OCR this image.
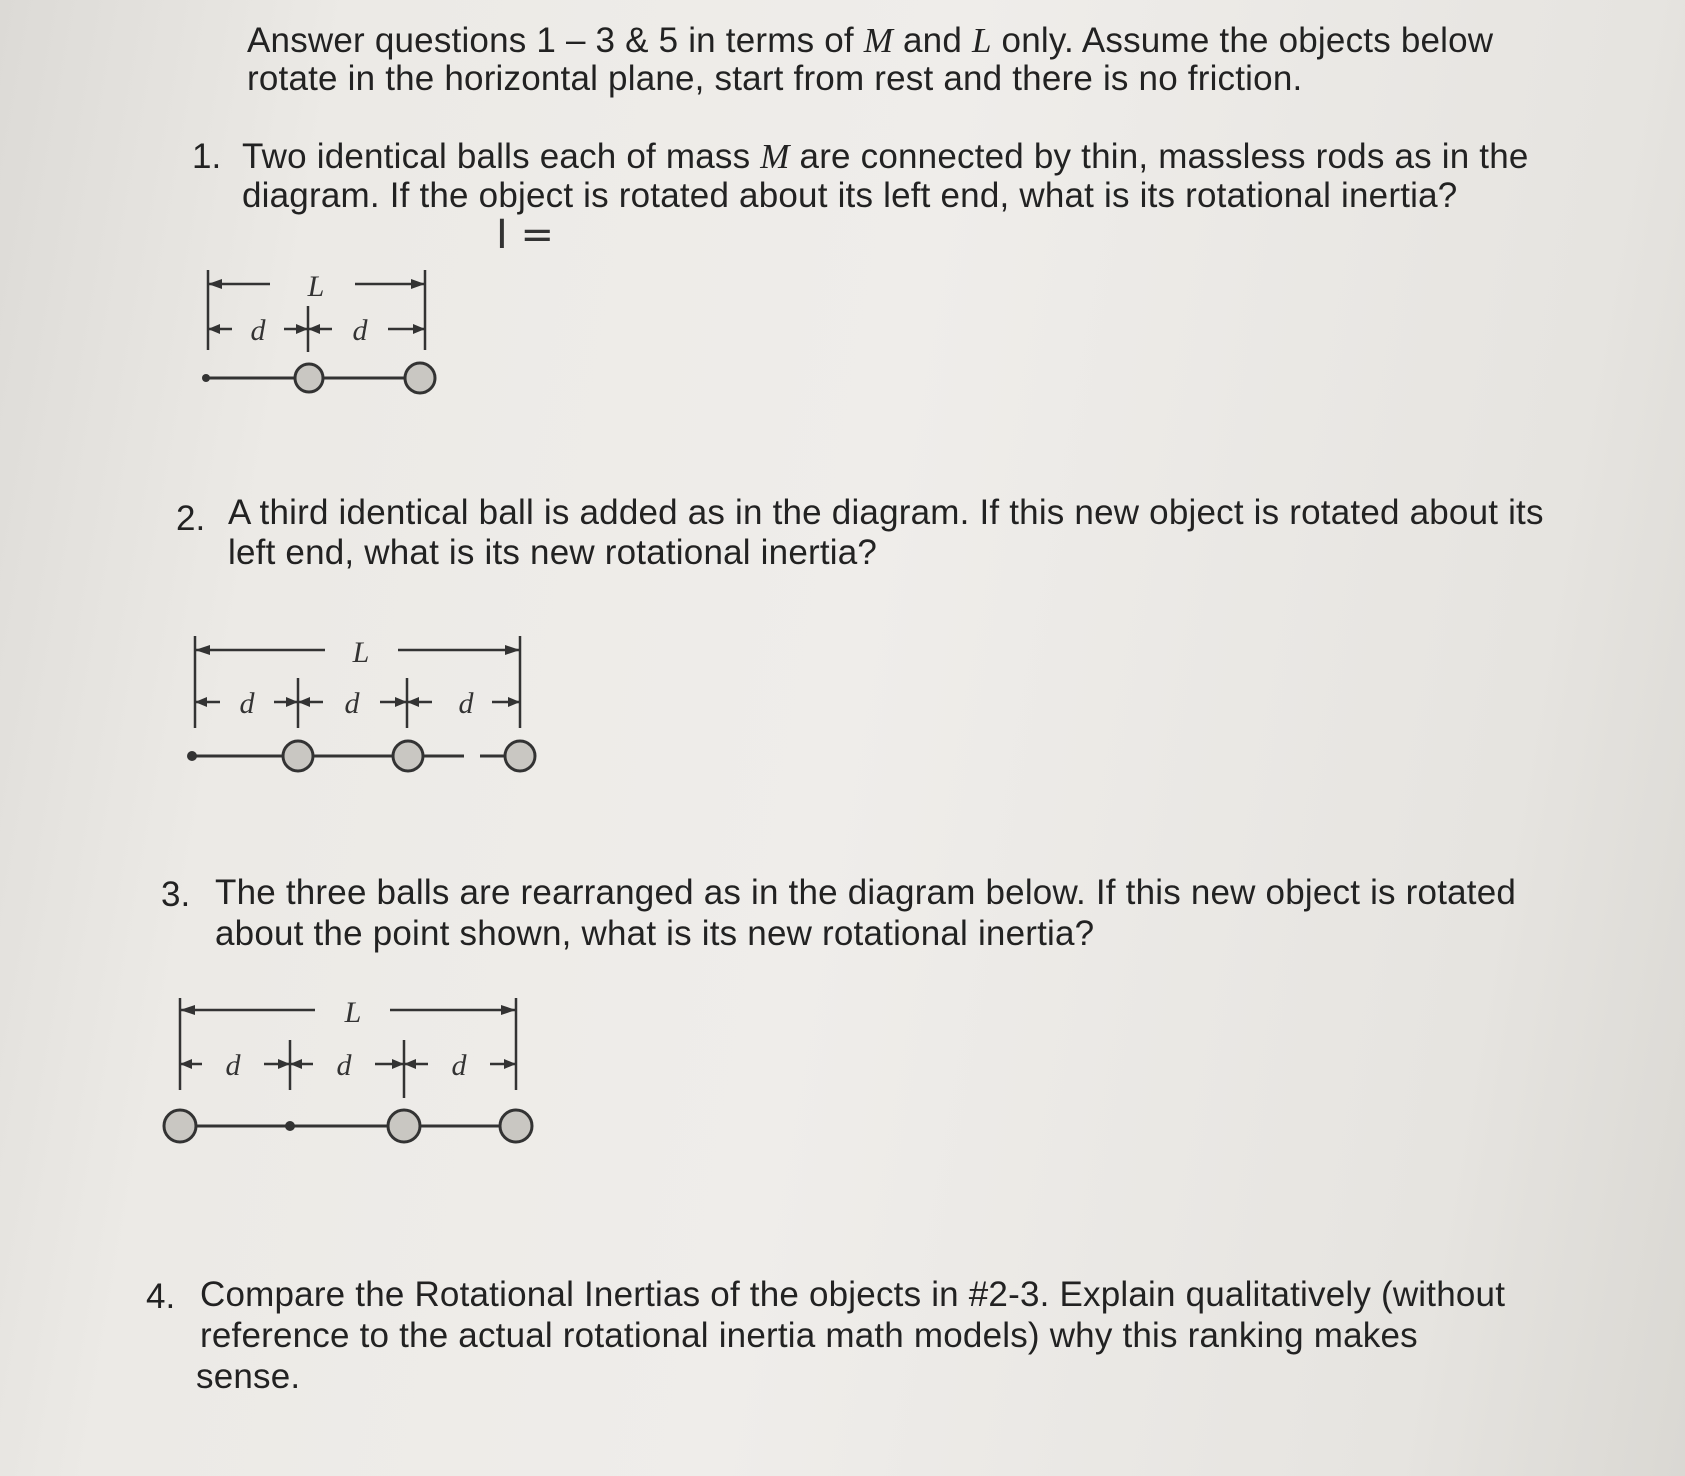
Answer questions 1 – 3 & 5 in terms of M and L only. Assume the objects below
rotate in the horizontal plane, start from rest and there is no friction.
1. Two identical balls each of mass M are connected by thin, massless rods as in the
diagram. If the object is rotated about its left end, what is its rotational inertia?
I =
L
d	d
2. A third identical ball is added as in the diagram. If this new object is rotated about its
left end, what is its new rotational inertia?
L
d	d	d
3. The three balls are rearranged as in the diagram below. If this new object is rotated
about the point shown, what is its new rotational inertia?
L
d	d	d
4. Compare the Rotational Inertias of the objects in #2-3. Explain qualitatively (without
reference to the actual rotational inertia math models) why this ranking makes
sense.
